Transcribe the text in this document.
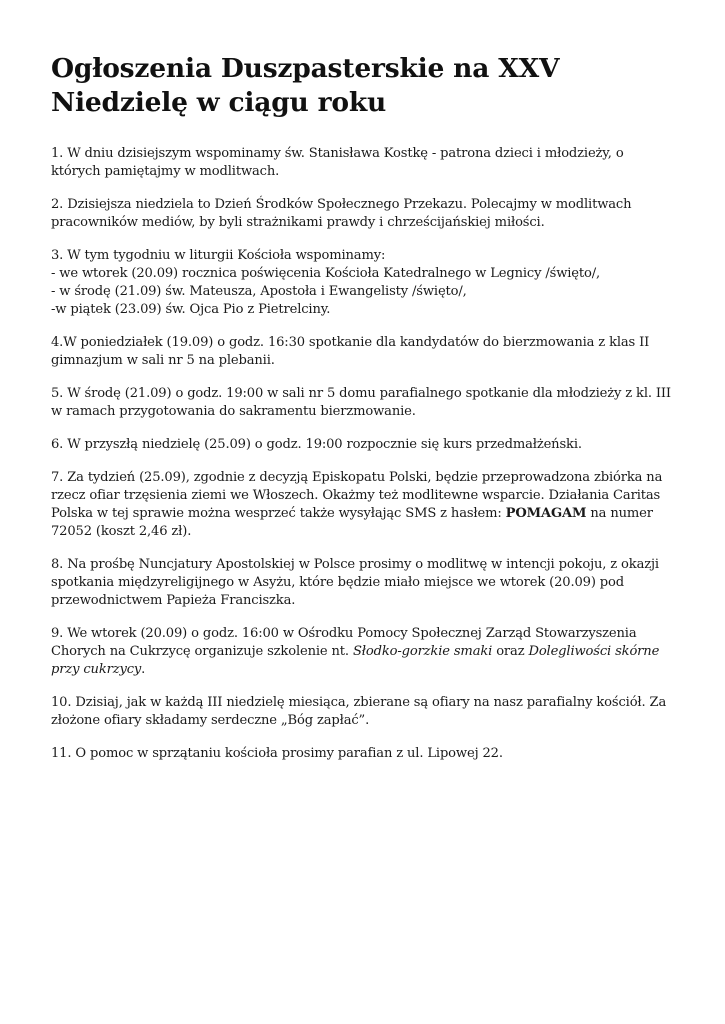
Ogłoszenia Duszpasterskie na XXV Niedzielę w ciągu roku

1. W dniu dzisiejszym wspominamy św. Stanisława Kostkę - patrona dzieci i młodzieży, o których pamiętajmy w modlitwach.

2. Dzisiejsza niedziela to Dzień Środków Społecznego Przekazu. Polecajmy w modlitwach pracowników mediów, by byli strażnikami prawdy i chrześcijańskiej miłości.

3. W tym tygodniu w liturgii Kościoła wspominamy:
- we wtorek (20.09) rocznica poświęcenia Kościoła Katedralnego w Legnicy /święto/,
- w środę (21.09) św. Mateusza, Apostoła i Ewangelisty /święto/,
-w piątek (23.09) św. Ojca Pio z Pietrelciny.

4.W poniedziałek (19.09) o godz. 16:30 spotkanie dla kandydatów do bierzmowania z klas II gimnazjum w sali nr 5 na plebanii.

5. W środę (21.09) o godz. 19:00 w sali nr 5 domu parafialnego spotkanie dla młodzieży z kl. III w ramach przygotowania do sakramentu bierzmowanie.

6. W przyszłą niedzielę (25.09) o godz. 19:00 rozpocznie się kurs przedmałżeński.

7. Za tydzień (25.09), zgodnie z decyzją Episkopatu Polski, będzie przeprowadzona zbiórka na rzecz ofiar trzęsienia ziemi we Włoszech. Okażmy też modlitewne wsparcie. Działania Caritas Polska w tej sprawie można wesprzeć także wysyłając SMS z hasłem: POMAGAM na numer 72052 (koszt 2,46 zł).

8. Na prośbę Nuncjatury Apostolskiej w Polsce prosimy o modlitwę w intencji pokoju, z okazji spotkania międzyreligijnego w Asyżu, które będzie miało miejsce we wtorek (20.09) pod przewodnictwem Papieża Franciszka.

9. We wtorek (20.09) o godz. 16:00 w Ośrodku Pomocy Społecznej Zarząd Stowarzyszenia Chorych na Cukrzycę organizuje szkolenie nt. Słodko-gorzkie smaki oraz Dolegliwości skórne przy cukrzycy.

10. Dzisiaj, jak w każdą III niedzielę miesiąca, zbierane są ofiary na nasz parafialny kościół. Za złożone ofiary składamy serdeczne „Bóg zapłać”.

11. O pomoc w sprzątaniu kościoła prosimy parafian z ul. Lipowej 22.
